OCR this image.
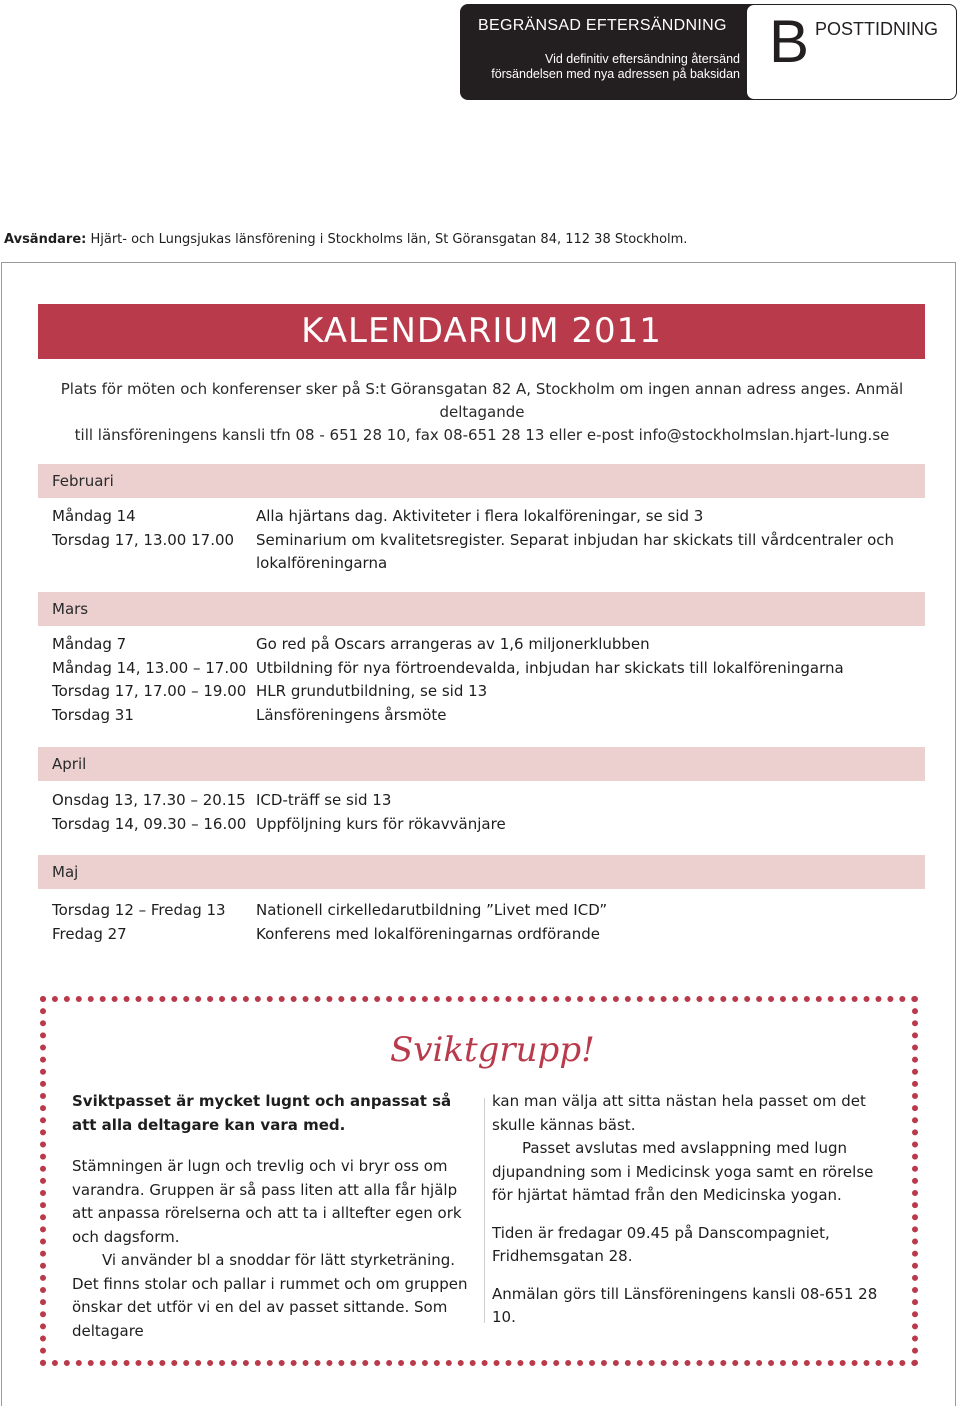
BEGRÄNSAD EFTERSÄNDNING
Vid definitiv eftersändning återsänd
försändelsen med nya adressen på baksidan B POSTTIDNING
Avsändare: Hjärt- och Lungsjukas länsförening i Stockholms län, St Göransgatan 84, 112 38 Stockholm.
KALENDARIUM 2011
Plats för möten och konferenser sker på S:t Göransgatan 82 A, Stockholm om ingen annan adress anges. Anmäl deltagande
till länsföreningens kansli tfn 08 - 651 28 10, fax 08-651 28 13 eller e-post info@stockholmslan.hjart-lung.se
Februari
Måndag 14	Alla hjärtans dag. Aktiviteter i flera lokalföreningar, se sid 3
Torsdag 17, 13.00 17.00	Seminarium om kvalitetsregister. Separat inbjudan har skickats till vårdcentraler och
lokalföreningarna
Mars
Måndag 7	Go red på Oscars arrangeras av 1,6 miljonerklubben
Måndag 14, 13.00 – 17.00 Utbildning för nya förtroendevalda, inbjudan har skickats till lokalföreningarna
Torsdag 17, 17.00 – 19.00 HLR grundutbildning, se sid 13
Torsdag 31	Länsföreningens årsmöte
April
Onsdag 13, 17.30 – 20.15 ICD-träff se sid 13
Torsdag 14, 09.30 – 16.00 Uppföljning kurs för rökavvänjare
Maj
Torsdag 12 – Fredag 13	Nationell cirkelledarutbildning ”Livet med ICD”
Fredag 27	Konferens med lokalföreningarnas ordförande
Sviktgrupp!

Sviktpasset är mycket lugnt och anpassat så att alla deltagare kan vara med.

Stämningen är lugn och trevlig och vi bryr oss om varandra. Gruppen är så pass liten att alla får hjälp att anpassa rörelserna och att ta i alltefter egen ork och dagsform.

Vi använder bl a snoddar för lätt styrketräning. Det finns stolar och pallar i rummet och om gruppen önskar det utför vi en del av passet sittande. Som deltagare

kan man välja att sitta nästan hela passet om det skulle kännas bäst.

Passet avslutas med avslappning med lugn djupandning som i Medicinsk yoga samt en rörelse för hjärtat hämtad från den Medicinska yogan.

Tiden är fredagar 09.45 på Danscompagniet, Fridhemsgatan 28.

Anmälan görs till Länsföreningens kansli 08-651 28 10.
